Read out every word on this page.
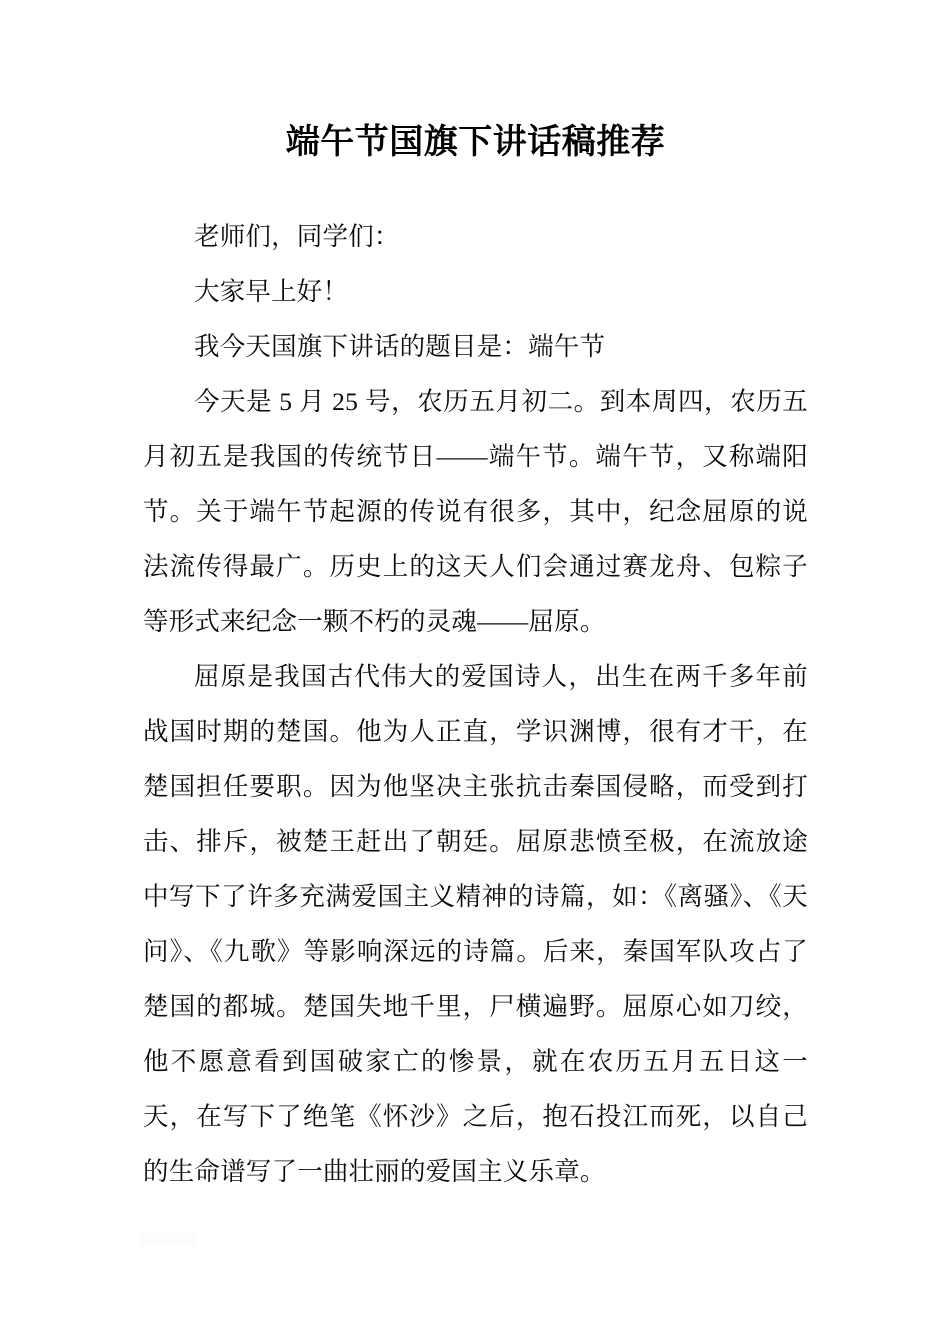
端午节国旗下讲话稿推荐

老师们，同学们：

大家早上好！

我今天国旗下讲话的题目是：端午节

今天是 5 月 25 号，农历五月初二。到本周四，农历五月初五是我国的传统节日——端午节。端午节，又称端阳节。关于端午节起源的传说有很多，其中，纪念屈原的说法流传得最广。历史上的这天人们会通过赛龙舟、包粽子等形式来纪念一颗不朽的灵魂——屈原。

屈原是我国古代伟大的爱国诗人，出生在两千多年前战国时期的楚国。他为人正直，学识渊博，很有才干，在楚国担任要职。因为他坚决主张抗击秦国侵略，而受到打击、排斥，被楚王赶出了朝廷。屈原悲愤至极，在流放途中写下了许多充满爱国主义精神的诗篇，如：《离骚》、《天问》、《九歌》等影响深远的诗篇。后来，秦国军队攻占了楚国的都城。楚国失地千里，尸横遍野。屈原心如刀绞，他不愿意看到国破家亡的惨景，就在农历五月五日这一天，在写下了绝笔《怀沙》之后，抱石投江而死，以自己的生命谱写了一曲壮丽的爱国主义乐章。
